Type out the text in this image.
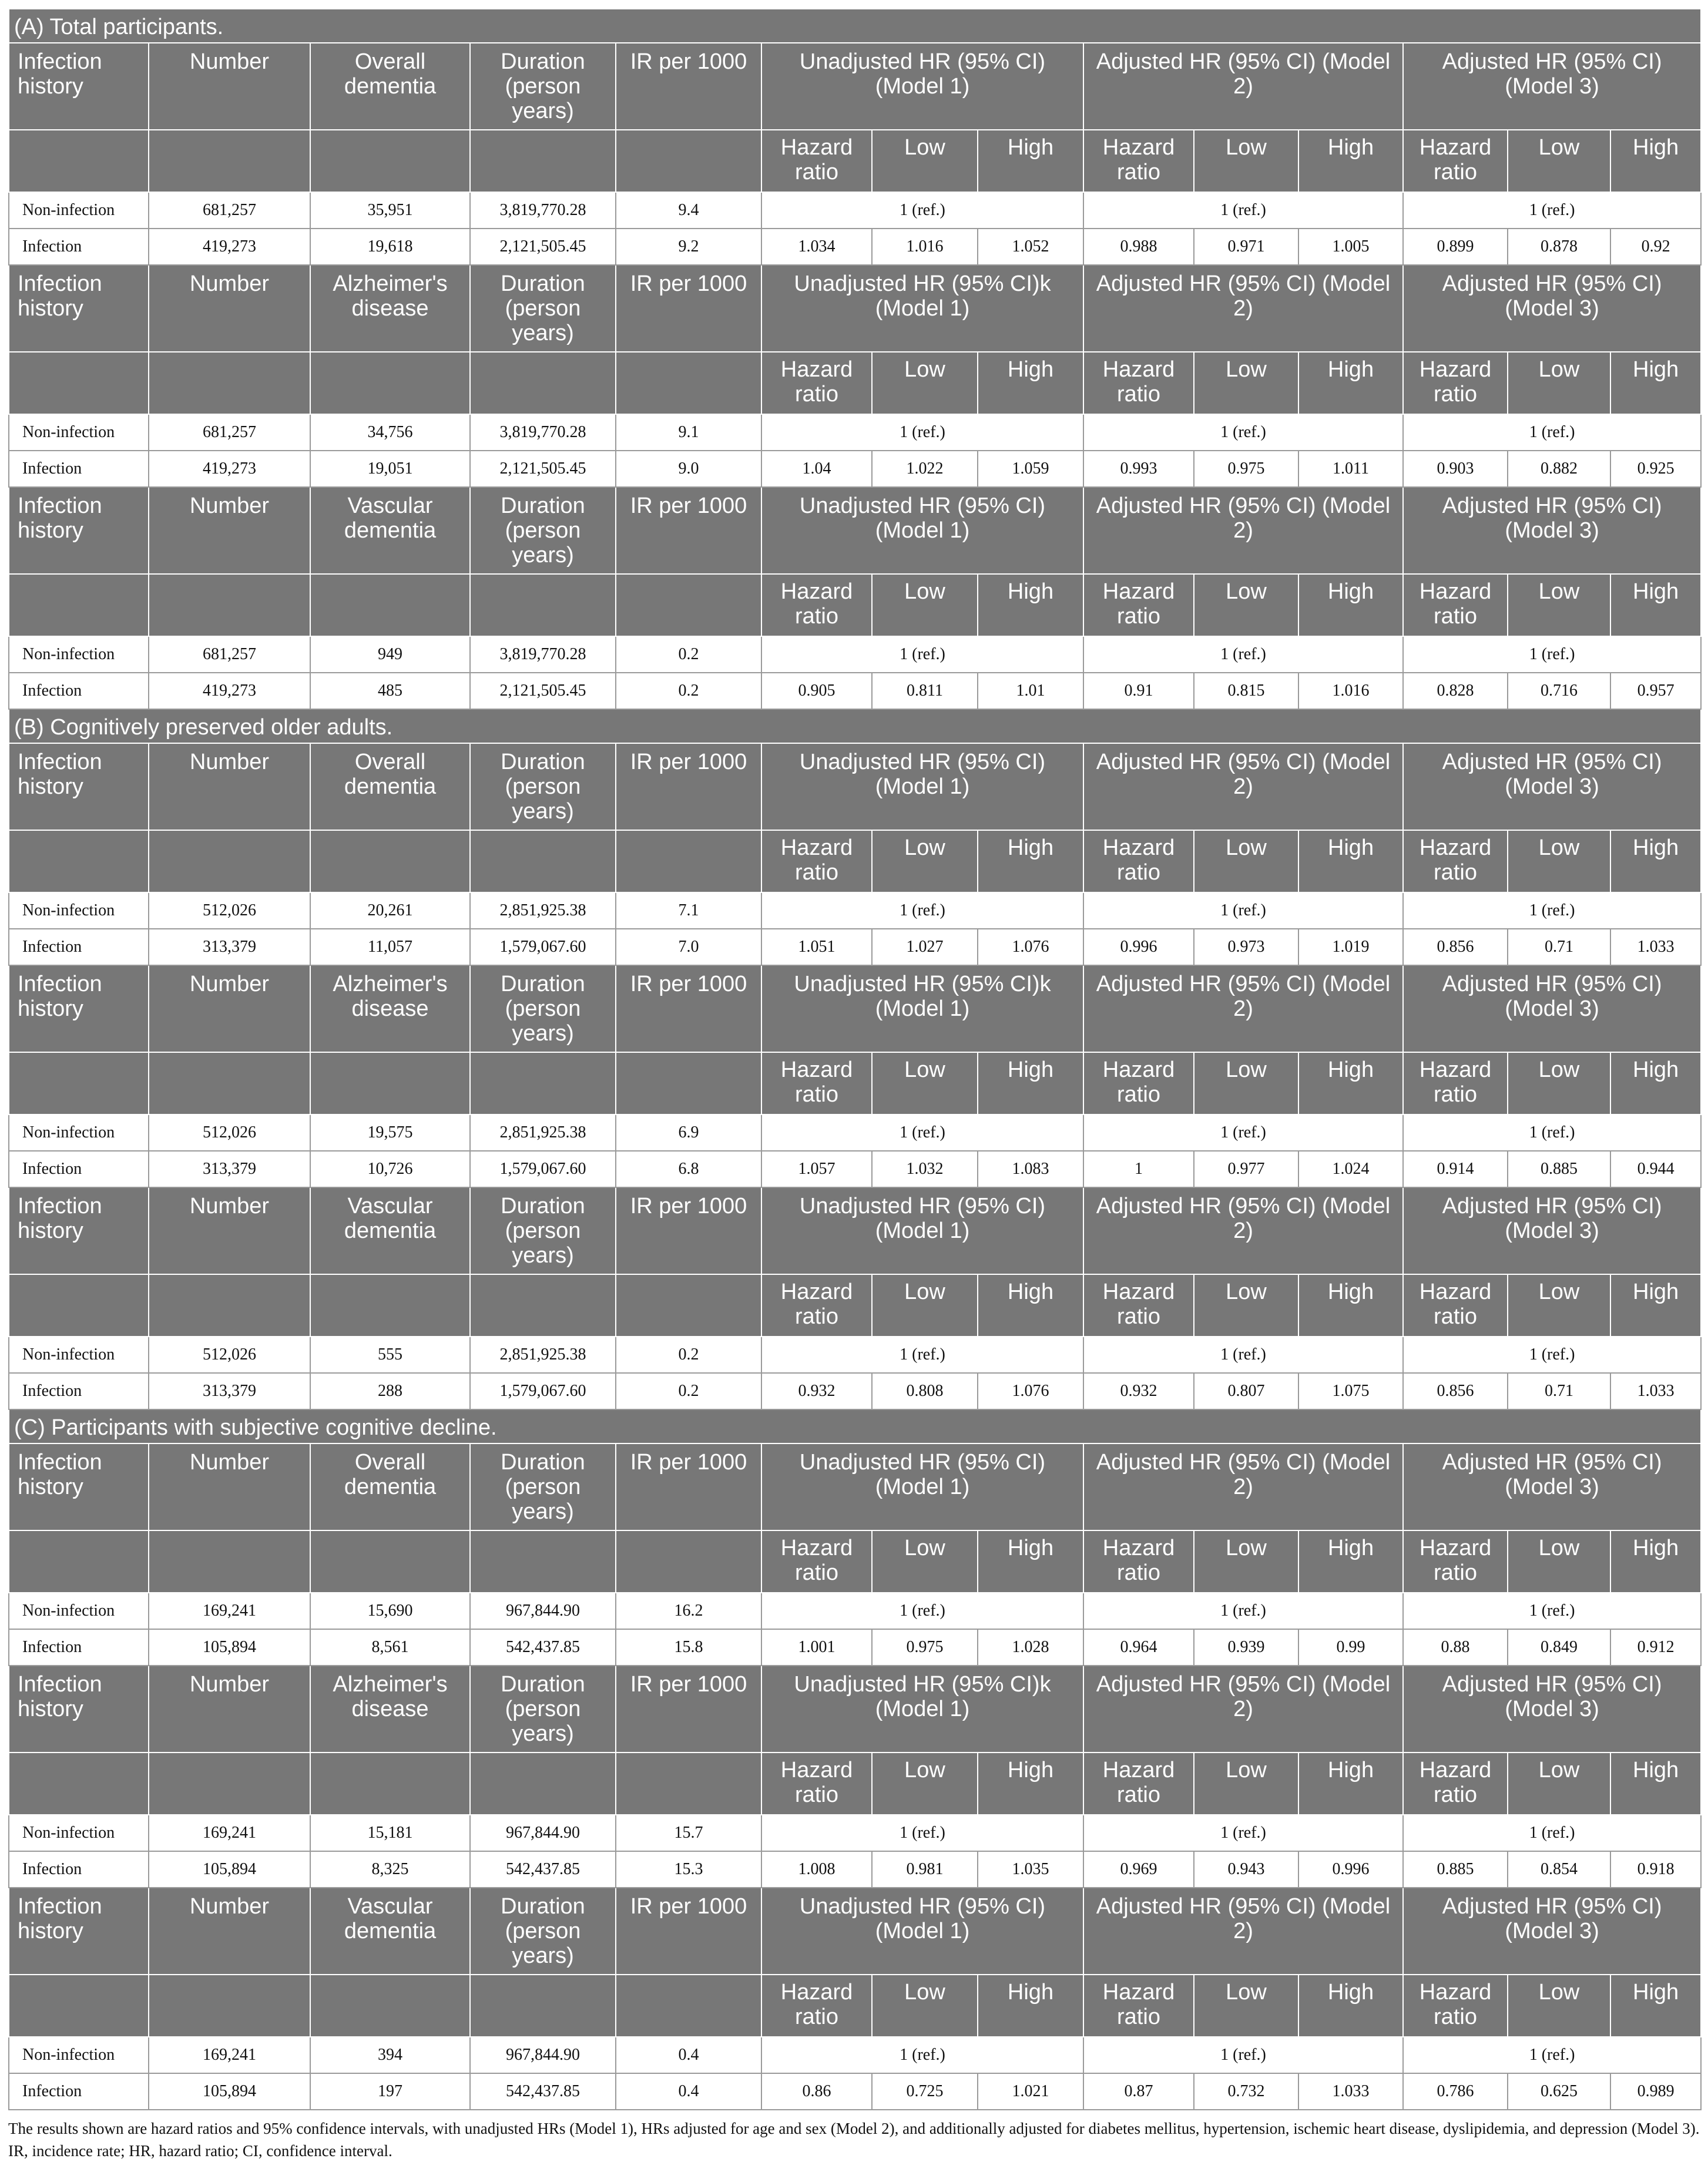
(A) Total participants.													
Infection history	Number	Overall dementia	Duration (person years)	IR per 1000	Unadjusted HR (95% CI) (Model 1)			Adjusted HR (95% CI) (Model 2)			Adjusted HR (95% CI) (Model 3)		
					Hazard ratio	Low	High	Hazard ratio	Low	High	Hazard ratio	Low	High
Non-infection	681,257	35,951	3,819,770.28	9.4	1 (ref.)			1 (ref.)			1 (ref.)		
Infection	419,273	19,618	2,121,505.45	9.2	1.034	1.016	1.052	0.988	0.971	1.005	0.899	0.878	0.92
Infection history	Number	Alzheimer's disease	Duration (person years)	IR per 1000	Unadjusted HR (95% CI)k (Model 1)			Adjusted HR (95% CI) (Model 2)			Adjusted HR (95% CI) (Model 3)		
					Hazard ratio	Low	High	Hazard ratio	Low	High	Hazard ratio	Low	High
Non-infection	681,257	34,756	3,819,770.28	9.1	1 (ref.)			1 (ref.)			1 (ref.)		
Infection	419,273	19,051	2,121,505.45	9.0	1.04	1.022	1.059	0.993	0.975	1.011	0.903	0.882	0.925
Infection history	Number	Vascular dementia	Duration (person years)	IR per 1000	Unadjusted HR (95% CI) (Model 1)			Adjusted HR (95% CI) (Model 2)			Adjusted HR (95% CI) (Model 3)		
					Hazard ratio	Low	High	Hazard ratio	Low	High	Hazard ratio	Low	High
Non-infection	681,257	949	3,819,770.28	0.2	1 (ref.)			1 (ref.)			1 (ref.)		
Infection	419,273	485	2,121,505.45	0.2	0.905	0.811	1.01	0.91	0.815	1.016	0.828	0.716	0.957
(B) Cognitively preserved older adults.													
Infection history	Number	Overall dementia	Duration (person years)	IR per 1000	Unadjusted HR (95% CI) (Model 1)			Adjusted HR (95% CI) (Model 2)			Adjusted HR (95% CI) (Model 3)		
					Hazard ratio	Low	High	Hazard ratio	Low	High	Hazard ratio	Low	High
Non-infection	512,026	20,261	2,851,925.38	7.1	1 (ref.)			1 (ref.)			1 (ref.)		
Infection	313,379	11,057	1,579,067.60	7.0	1.051	1.027	1.076	0.996	0.973	1.019	0.856	0.71	1.033
Infection history	Number	Alzheimer's disease	Duration (person years)	IR per 1000	Unadjusted HR (95% CI)k (Model 1)			Adjusted HR (95% CI) (Model 2)			Adjusted HR (95% CI) (Model 3)		
					Hazard ratio	Low	High	Hazard ratio	Low	High	Hazard ratio	Low	High
Non-infection	512,026	19,575	2,851,925.38	6.9	1 (ref.)			1 (ref.)			1 (ref.)		
Infection	313,379	10,726	1,579,067.60	6.8	1.057	1.032	1.083	1	0.977	1.024	0.914	0.885	0.944
Infection history	Number	Vascular dementia	Duration (person years)	IR per 1000	Unadjusted HR (95% CI) (Model 1)			Adjusted HR (95% CI) (Model 2)			Adjusted HR (95% CI) (Model 3)		
					Hazard ratio	Low	High	Hazard ratio	Low	High	Hazard ratio	Low	High
Non-infection	512,026	555	2,851,925.38	0.2	1 (ref.)			1 (ref.)			1 (ref.)		
Infection	313,379	288	1,579,067.60	0.2	0.932	0.808	1.076	0.932	0.807	1.075	0.856	0.71	1.033
(C) Participants with subjective cognitive decline.													
Infection history	Number	Overall dementia	Duration (person years)	IR per 1000	Unadjusted HR (95% CI) (Model 1)			Adjusted HR (95% CI) (Model 2)			Adjusted HR (95% CI) (Model 3)		
					Hazard ratio	Low	High	Hazard ratio	Low	High	Hazard ratio	Low	High
Non-infection	169,241	15,690	967,844.90	16.2	1 (ref.)			1 (ref.)			1 (ref.)		
Infection	105,894	8,561	542,437.85	15.8	1.001	0.975	1.028	0.964	0.939	0.99	0.88	0.849	0.912
Infection history	Number	Alzheimer's disease	Duration (person years)	IR per 1000	Unadjusted HR (95% CI)k (Model 1)			Adjusted HR (95% CI) (Model 2)			Adjusted HR (95% CI) (Model 3)		
					Hazard ratio	Low	High	Hazard ratio	Low	High	Hazard ratio	Low	High
Non-infection	169,241	15,181	967,844.90	15.7	1 (ref.)			1 (ref.)			1 (ref.)		
Infection	105,894	8,325	542,437.85	15.3	1.008	0.981	1.035	0.969	0.943	0.996	0.885	0.854	0.918
Infection history	Number	Vascular dementia	Duration (person years)	IR per 1000	Unadjusted HR (95% CI) (Model 1)			Adjusted HR (95% CI) (Model 2)			Adjusted HR (95% CI) (Model 3)		
					Hazard ratio	Low	High	Hazard ratio	Low	High	Hazard ratio	Low	High
Non-infection	169,241	394	967,844.90	0.4	1 (ref.)			1 (ref.)			1 (ref.)		
Infection	105,894	197	542,437.85	0.4	0.86	0.725	1.021	0.87	0.732	1.033	0.786	0.625	0.989
The results shown are hazard ratios and 95% confidence intervals, with unadjusted HRs (Model 1), HRs adjusted for age and sex (Model 2), and additionally adjusted for diabetes mellitus, hypertension, ischemic heart disease, dyslipidemia, and depression (Model 3).
IR, incidence rate; HR, hazard ratio; CI, confidence interval.
